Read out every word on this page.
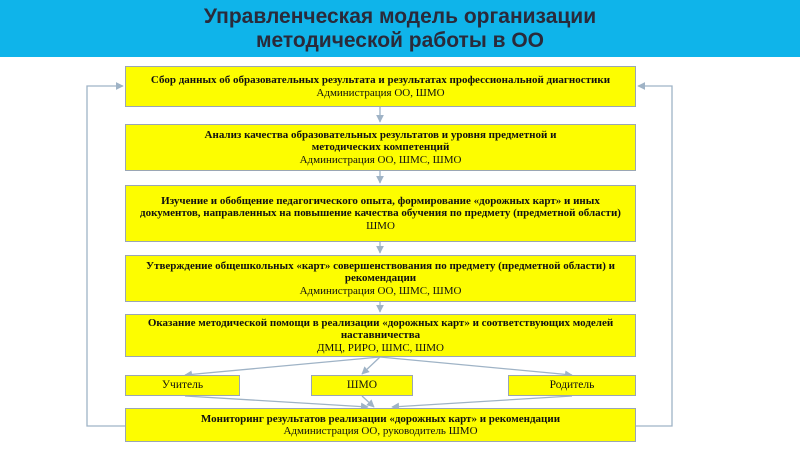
Управленческая модель организации
методической работы в ОО
Сбор данных об образовательных результата и результатах профессиональной диагностики
Администрация ОО, ШМО
Анализ качества образовательных результатов и уровня предметной и методических компетенций
Администрация ОО, ШМС, ШМО
Изучение и обобщение педагогического опыта, формирование «дорожных карт» и иных документов, направленных на повышение качества обучения по предмету (предметной области)
ШМО
Утверждение общешкольных «карт» совершенствования по предмету (предметной области) и рекомендации
Администрация ОО, ШМС, ШМО
Оказание методической помощи в реализации «дорожных карт» и соответствующих моделей наставничества
ДМЦ, РИРО, ШМС, ШМО
Учитель	ШМО	Родитель
Мониторинг результатов реализации «дорожных карт» и рекомендации
Администрация ОО, руководитель ШМО
